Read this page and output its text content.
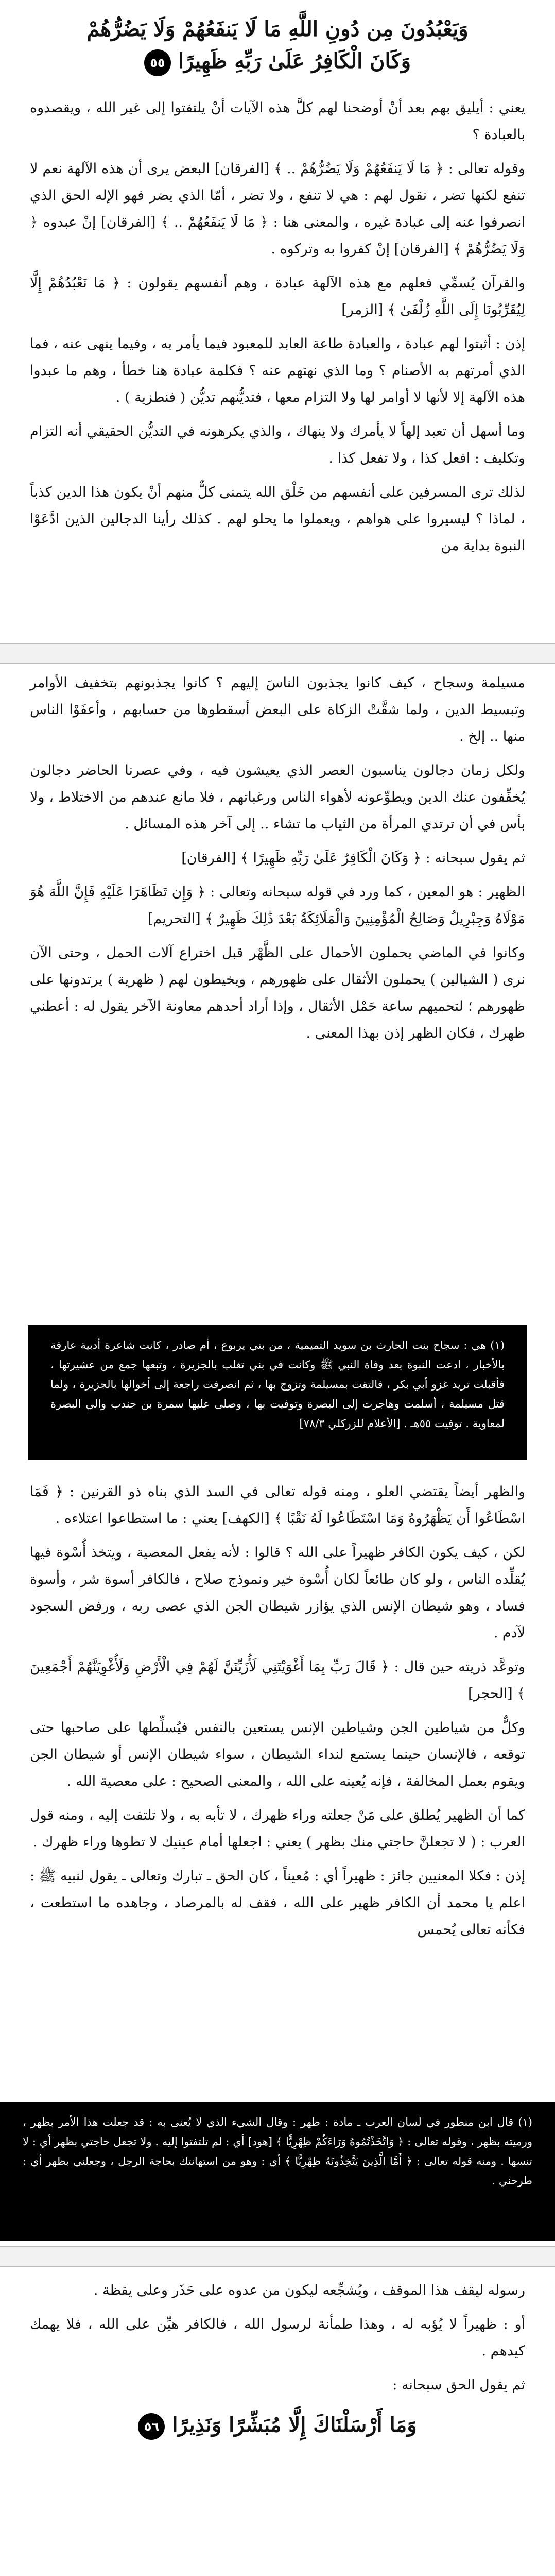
وَيَعْبُدُونَ مِن دُونِ اللَّهِ مَا لَا يَنفَعُهُمْ وَلَا يَضُرُّهُمْ
وَكَانَ الْكَافِرُ عَلَىٰ رَبِّهِ ظَهِيرًا ٥٥

يعني : أيليق بهم بعد أنْ أوضحنا لهم كلَّ هذه الآيات أنْ يلتفتوا إلى غير الله ، ويقصدوه بالعبادة ؟

وقوله تعالى : ﴿ مَا لَا يَنفَعُهُمْ وَلَا يَضُرُّهُمْ .. ﴾ [الفرقان] البعض يرى أن هذه الآلهة نعم لا تنفع لكنها تضر ، نقول لهم : هي لا تنفع ، ولا تضر ، أمّا الذي يضر فهو الإله الحق الذي انصرفوا عنه إلى عبادة غيره ، والمعنى هنا : ﴿ مَا لَا يَنفَعُهُمْ .. ﴾ [الفرقان] إنْ عبدوه ﴿ وَلَا يَضُرُّهُمْ ﴾ [الفرقان] إنْ كفروا به وتركوه .

والقرآن يُسمِّي فعلهم مع هذه الآلهة عبادة ، وهم أنفسهم يقولون : ﴿ مَا نَعْبُدُهُمْ إِلَّا لِيُقَرِّبُونَا إِلَى اللَّهِ زُلْفَىٰ ﴾ [الزمر]

إذن : أثبتوا لهم عبادة ، والعبادة طاعة العابد للمعبود فيما يأمر به ، وفيما ينهى عنه ، فما الذي أمرتهم به الأصنام ؟ وما الذي نهتهم عنه ؟ فكلمة عبادة هنا خطأ ، وهم ما عبدوا هذه الآلهة إلا لأنها لا أوامر لها ولا التزام معها ، فتديُّنهم تديُّن ( فنطزية ) .

وما أسهل أن تعبد إلهاً لا يأمرك ولا ينهاك ، والذي يكرهونه في التديُّن الحقيقي أنه التزام وتكليف : افعل كذا ، ولا تفعل كذا .

لذلك ترى المسرفين على أنفسهم من خَلْق الله يتمنى كلٌّ منهم أنْ يكون هذا الدين كذباً ، لماذا ؟ ليسيروا على هواهم ، ويعملوا ما يحلو لهم . كذلك رأينا الدجالين الذين ادَّعَوْا النبوة بداية من

مسيلمة وسجاح ، كيف كانوا يجذبون الناسَ إليهم ؟ كانوا يجذبونهم بتخفيف الأوامر وتبسيط الدين ، ولما شقَّتْ الزكاة على البعض أسقطوها من حسابهم ، وأعفَوْا الناس منها .. إلخ .

ولكل زمان دجالون يناسبون العصر الذي يعيشون فيه ، وفي عصرنا الحاضر دجالون يُخفِّفون عنك الدين ويطوِّعونه لأهواء الناس ورغباتهم ، فلا مانع عندهم من الاختلاط ، ولا بأس في أن ترتدي المرأة من الثياب ما تشاء .. إلى آخر هذه المسائل .

ثم يقول سبحانه : ﴿ وَكَانَ الْكَافِرُ عَلَىٰ رَبِّهِ ظَهِيرًا ﴾ [الفرقان]

الظهير : هو المعين ، كما ورد في قوله سبحانه وتعالى : ﴿ وَإِن تَظَاهَرَا عَلَيْهِ فَإِنَّ اللَّهَ هُوَ مَوْلَاهُ وَجِبْرِيلُ وَصَالِحُ الْمُؤْمِنِينَ وَالْمَلَائِكَةُ بَعْدَ ذَٰلِكَ ظَهِيرٌ ﴾ [التحريم]

وكانوا في الماضي يحملون الأحمال على الظَّهْر قبل اختراع آلات الحمل ، وحتى الآن نرى ( الشيالين ) يحملون الأثقال على ظهورهم ، ويخيطون لهم ( ظهرية ) يرتدونها على ظهورهم ؛ لتحميهم ساعة حَمْل الأثقال ، وإذا أراد أحدهم معاونة الآخر يقول له : أعطني ظهرك ، فكان الظهر إذن بهذا المعنى .

(١) هي : سجاح بنت الحارث بن سويد التميمية ، من بني يربوع ، أم صادر ، كانت شاعرة أدبية عارفة بالأخبار ، ادعت النبوة بعد وفاة النبي ﷺ وكانت في بني تغلب بالجزيرة ، وتبعها جمع من عشيرتها ، فأقبلت تريد غزو أبي بكر ، فالتقت بمسيلمة وتزوج بها ، ثم انصرفت راجعة إلى أخوالها بالجزيرة ، ولما قتل مسيلمة ، أسلمت وهاجرت إلى البصرة وتوفيت بها ، وصلى عليها سمرة بن جندب والي البصرة لمعاوية . توفيت ٥٥هـ . [الأعلام للزركلي ٧٨/٣]

والظهر أيضاً يقتضي العلو ، ومنه قوله تعالى في السد الذي بناه ذو القرنين : ﴿ فَمَا اسْطَاعُوا أَن يَظْهَرُوهُ وَمَا اسْتَطَاعُوا لَهُ نَقْبًا ﴾ [الكهف] يعني : ما استطاعوا اعتلاءه .

لكن ، كيف يكون الكافر ظهيراً على الله ؟ قالوا : لأنه يفعل المعصية ، ويتخذ أُسْوة فيها يُقلِّده الناس ، ولو كان طائعاً لكان أُسْوة خير ونموذج صلاح ، فالكافر أسوة شر ، وأسوة فساد ، وهو شيطان الإنس الذي يؤازر شيطان الجن الذي عصى ربه ، ورفض السجود لآدم .

وتوعَّد ذريته حين قال : ﴿ قَالَ رَبِّ بِمَا أَغْوَيْتَنِي لَأُزَيِّنَنَّ لَهُمْ فِي الْأَرْضِ وَلَأُغْوِيَنَّهُمْ أَجْمَعِينَ ﴾ [الحجر]

وكلٌّ من شياطين الجن وشياطين الإنس يستعين بالنفس فيُسلِّطها على صاحبها حتى توقعه ، فالإنسان حينما يستمع لنداء الشيطان ، سواء شيطان الإنس أو شيطان الجن ويقوم بعمل المخالفة ، فإنه يُعينه على الله ، والمعنى الصحيح : على معصية الله .

كما أن الظهير يُطلق على مَنْ جعلته وراء ظهرك ، لا تأبه به ، ولا تلتفت إليه ، ومنه قول العرب : ( لا تجعلنَّ حاجتي منك بظهر ) يعني : اجعلها أمام عينيك لا تطوها وراء ظهرك .

إذن : فكلا المعنيين جائز : ظهيراً أي : مُعيناً ، كان الحق ـ تبارك وتعالى ـ يقول لنبيه ﷺ : اعلم يا محمد أن الكافر ظهير على الله ، فقف له بالمرصاد ، وجاهده ما استطعت ، فكأنه تعالى يُحمس

(١) قال ابن منظور في لسان العرب ـ مادة : ظهر : وقال الشيء الذي لا يُعنى به : قد جعلت هذا الأمر بظهر ، ورميته بظهر ، وقوله تعالى : ﴿ وَاتَّخَذْتُمُوهُ وَرَاءَكُمْ ظِهْرِيًّا ﴾ [هود] أي : لم تلتفتوا إليه . ولا تجعل حاجتي بظهر أي : لا تنسها . ومنه قوله تعالى : ﴿ أَمَّا الَّذِينَ يَتَّخِذُونَهُ ظِهْرِيًّا ﴾ أي : وهو من استهانتك بحاجة الرجل ، وجعلني بظهر أي : طرحني .

رسوله ليقف هذا الموقف ، ويُشجِّعه ليكون من عدوه على حَذَر وعلى يقظة .

أو : ظهيراً لا يُؤبه له ، وهذا طمأنة لرسول الله ، فالكافر هيِّن على الله ، فلا يهمك كيدهم .

ثم يقول الحق سبحانه :

وَمَا أَرْسَلْنَاكَ إِلَّا مُبَشِّرًا وَنَذِيرًا ٥٦
